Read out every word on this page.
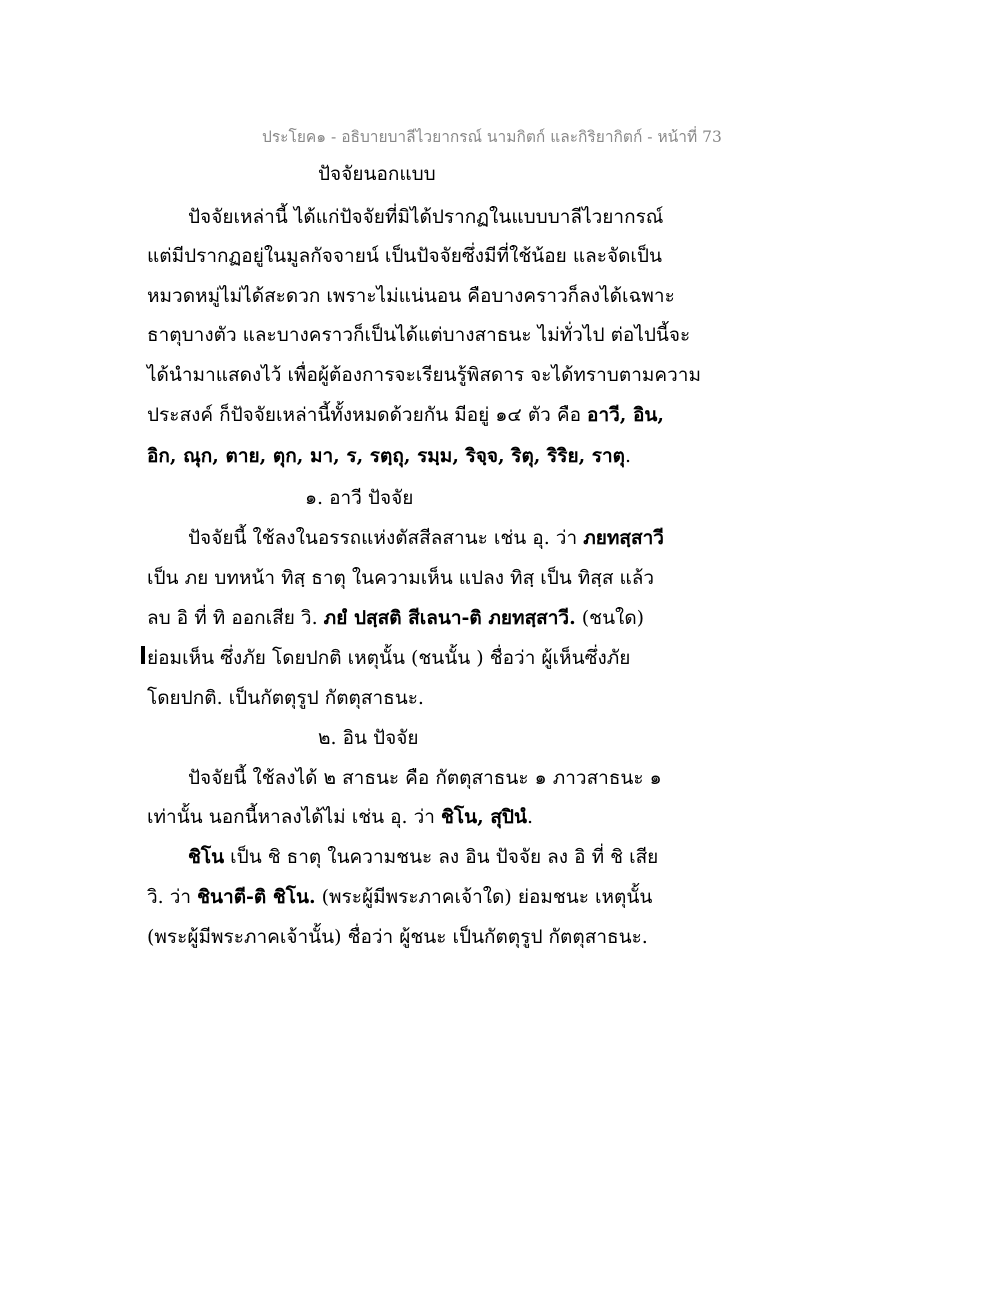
ประโยค๑ - อธิบายบาลีไวยากรณ์ นามกิตก์ และกิริยากิตก์ - หน้าที่ 73
ปัจจัยนอกแบบ
ปัจจัยเหล่านี้ ได้แก่ปัจจัยที่มิได้ปรากฏในแบบบาลีไวยากรณ์
แต่มีปรากฏอยู่ในมูลกัจจายน์ เป็นปัจจัยซึ่งมีที่ใช้น้อย และจัดเป็น
หมวดหมู่ไม่ได้สะดวก เพราะไม่แน่นอน คือบางคราวก็ลงได้เฉพาะ
ธาตุบางตัว และบางคราวก็เป็นได้แต่บางสาธนะ ไม่ทั่วไป ต่อไปนี้จะ
ได้นำมาแสดงไว้ เพื่อผู้ต้องการจะเรียนรู้พิสดาร จะได้ทราบตามความ
ประสงค์ ก็ปัจจัยเหล่านี้ทั้งหมดด้วยกัน มีอยู่ ๑๔ ตัว คือ อาวี, อิน,
อิก, ณุก, ตาย, ตุก, มา, ร, รตฺถุ, รมฺม, ริจฺจ, ริตุ, ริริย, ราตุ.
๑. อาวี ปัจจัย
ปัจจัยนี้ ใช้ลงในอรรถแห่งตัสสีลสานะ เช่น อุ. ว่า ภยทสฺสาวี
เป็น ภย บทหน้า ทิสฺ ธาตุ ในความเห็น แปลง ทิสฺ เป็น ทิสฺส แล้ว
ลบ อิ ที่ ทิ ออกเสีย วิ. ภยํ ปสฺสติ สีเลนา-ติ ภยทสฺสาวี. (ชนใด)
ย่อมเห็น ซึ่งภัย โดยปกติ เหตุนั้น (ชนนั้น ) ชื่อว่า ผู้เห็นซึ่งภัย
โดยปกติ. เป็นกัตตุรูป กัตตุสาธนะ.
๒. อิน ปัจจัย
ปัจจัยนี้ ใช้ลงได้ ๒ สาธนะ คือ กัตตุสาธนะ ๑ ภาวสาธนะ ๑
เท่านั้น นอกนี้หาลงได้ไม่ เช่น อุ. ว่า ชิโน, สุปินํ.
ชิโน เป็น ชิ ธาตุ ในความชนะ ลง อิน ปัจจัย ลง อิ ที่ ชิ เสีย
วิ. ว่า ชินาตี-ติ ชิโน. (พระผู้มีพระภาคเจ้าใด) ย่อมชนะ เหตุนั้น
(พระผู้มีพระภาคเจ้านั้น) ชื่อว่า ผู้ชนะ เป็นกัตตุรูป กัตตุสาธนะ.
